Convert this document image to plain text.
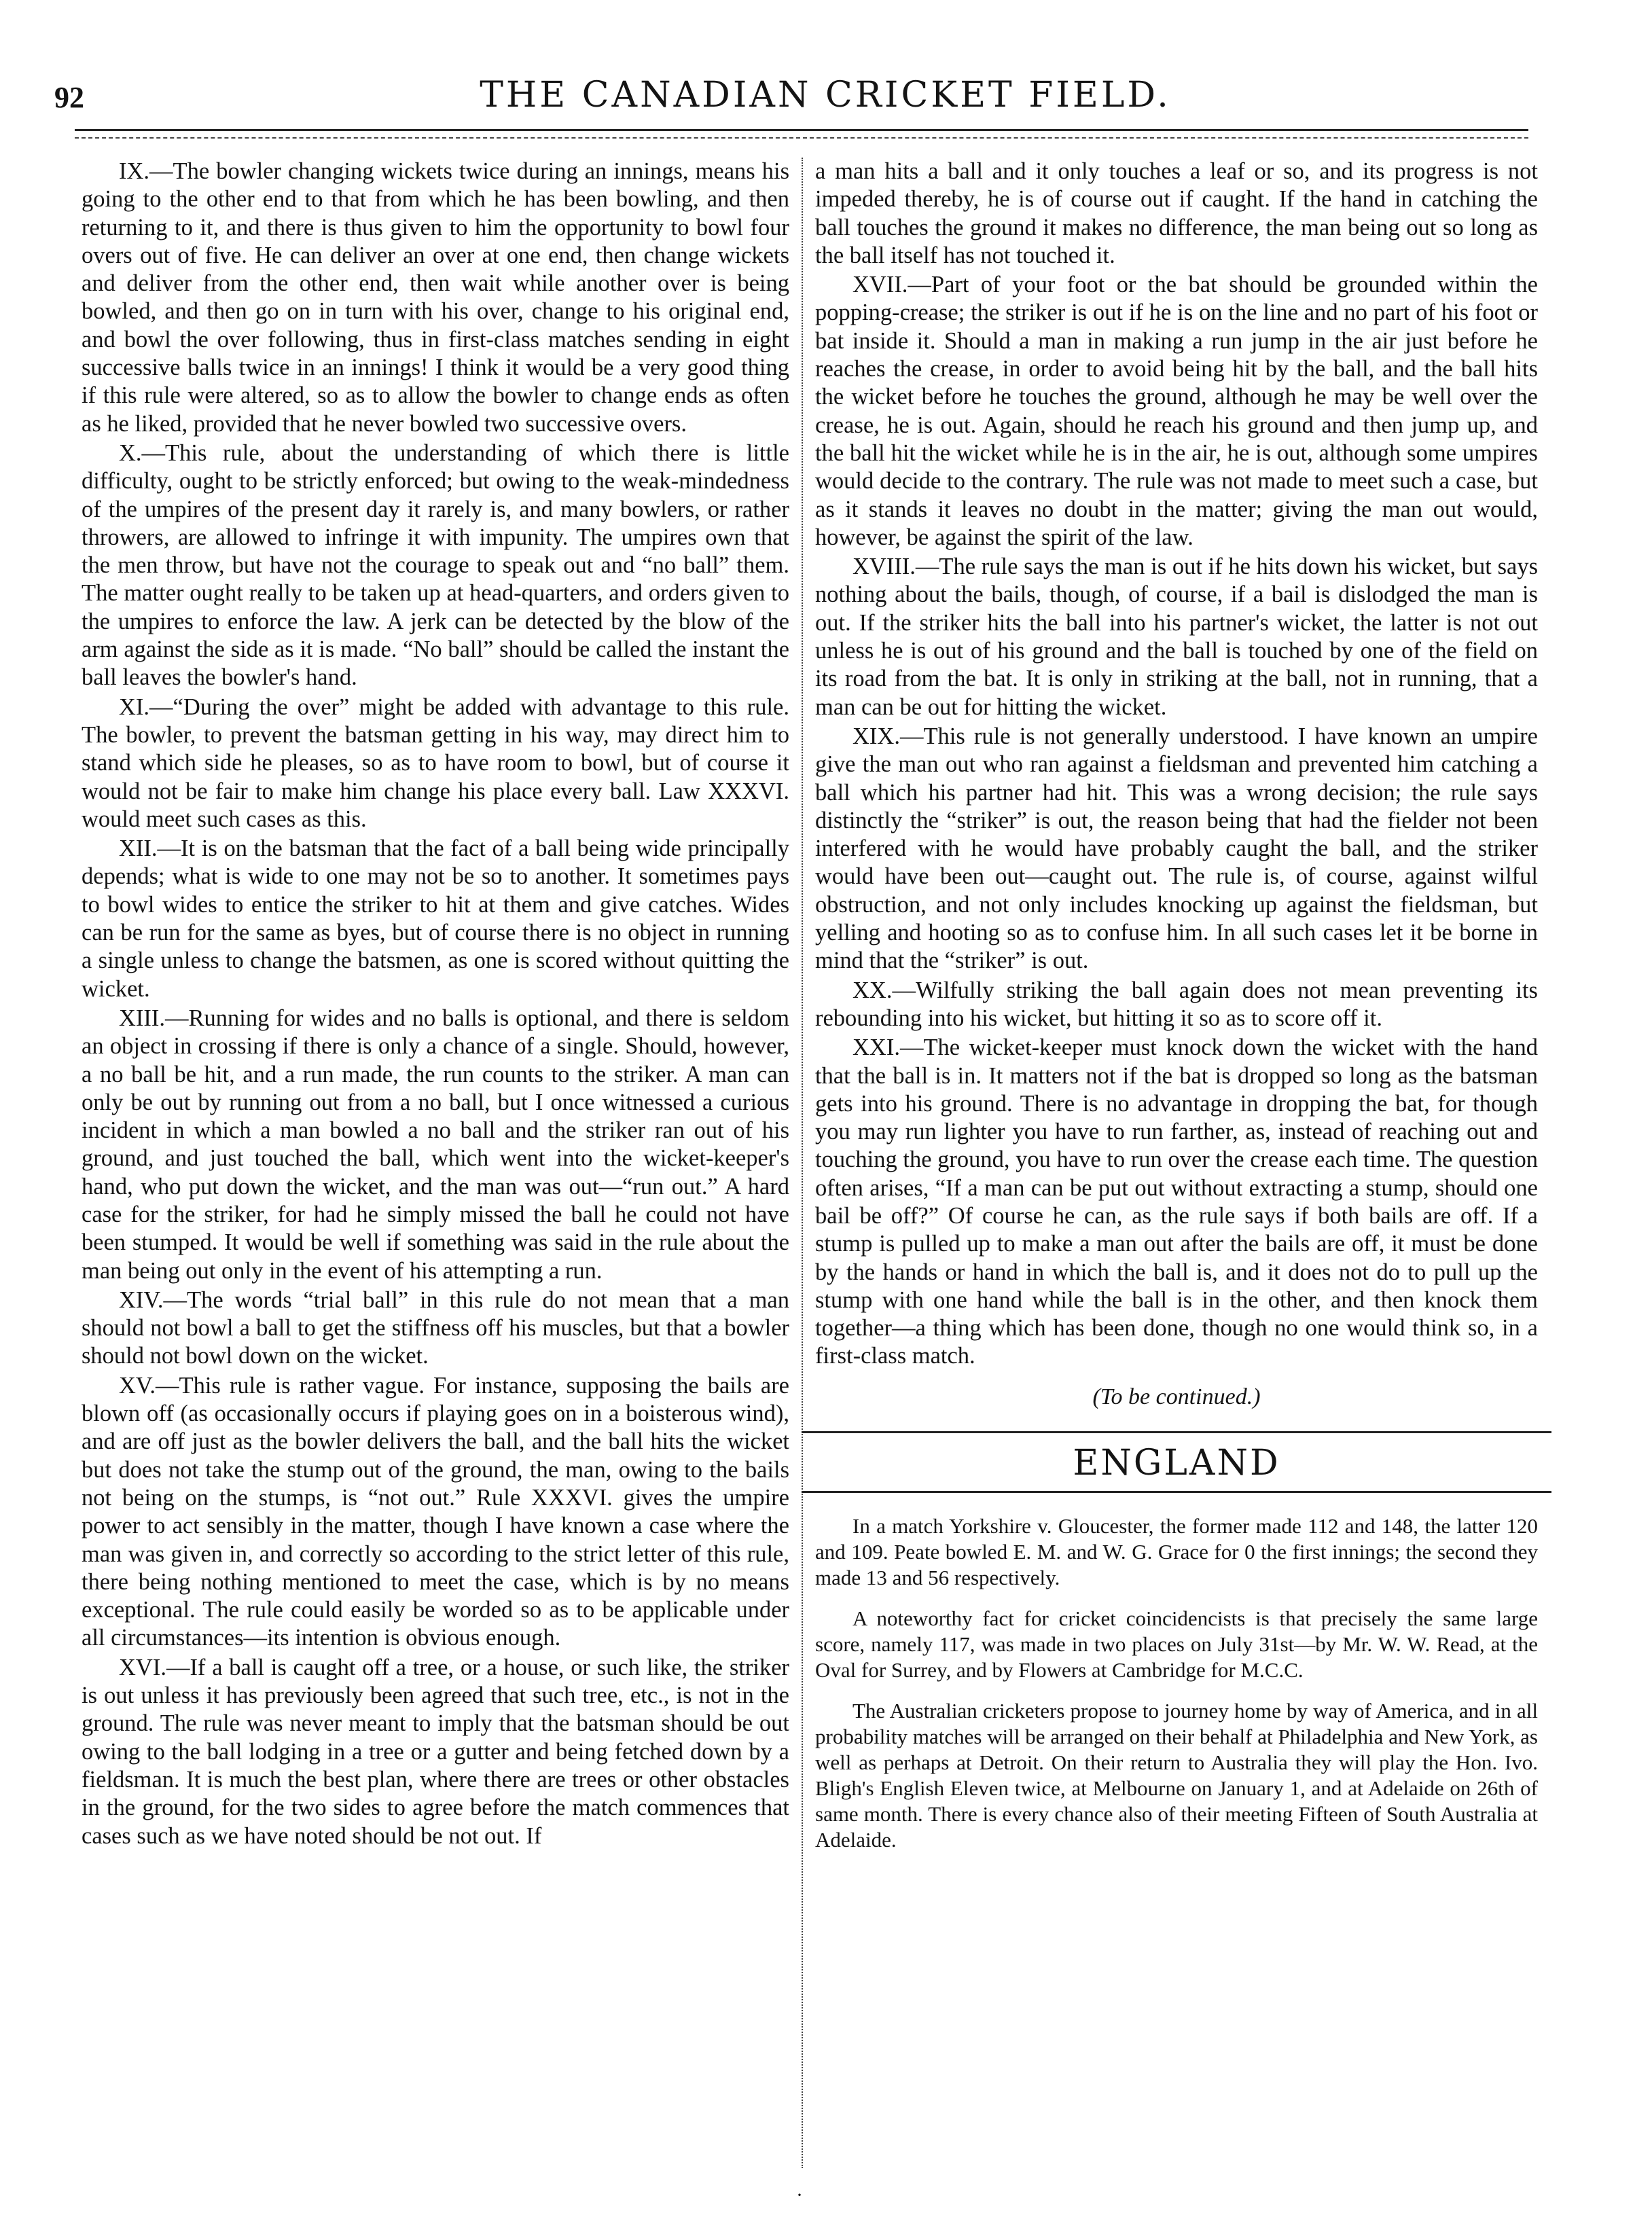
92	THE CANADIAN CRICKET FIELD.

IX.—The bowler changing wickets twice during an innings, means his going to the other end to that from which he has been bowling, and then returning to it, and there is thus given to him the opportunity to bowl four overs out of five. He can deliver an over at one end, then change wickets and deliver from the other end, then wait while another over is being bowled, and then go on in turn with his over, change to his original end, and bowl the over following, thus in first-class matches sending in eight successive balls twice in an innings! I think it would be a very good thing if this rule were altered, so as to allow the bowler to change ends as often as he liked, provided that he never bowled two successive overs.

X.—This rule, about the understanding of which there is little difficulty, ought to be strictly enforced; but owing to the weak-mindedness of the umpires of the present day it rarely is, and many bowlers, or rather throwers, are allowed to infringe it with impunity. The umpires own that the men throw, but have not the courage to speak out and “no ball” them. The matter ought really to be taken up at head-quarters, and orders given to the umpires to enforce the law. A jerk can be detected by the blow of the arm against the side as it is made. “No ball” should be called the instant the ball leaves the bowler's hand.

XI.—“During the over” might be added with advantage to this rule. The bowler, to prevent the batsman getting in his way, may direct him to stand which side he pleases, so as to have room to bowl, but of course it would not be fair to make him change his place every ball. Law XXXVI. would meet such cases as this.

XII.—It is on the batsman that the fact of a ball being wide principally depends; what is wide to one may not be so to another. It sometimes pays to bowl wides to entice the striker to hit at them and give catches. Wides can be run for the same as byes, but of course there is no object in running a single unless to change the batsmen, as one is scored without quitting the wicket.

XIII.—Running for wides and no balls is optional, and there is seldom an object in crossing if there is only a chance of a single. Should, however, a no ball be hit, and a run made, the run counts to the striker. A man can only be out by running out from a no ball, but I once witnessed a curious incident in which a man bowled a no ball and the striker ran out of his ground, and just touched the ball, which went into the wicket-keeper's hand, who put down the wicket, and the man was out—“run out.” A hard case for the striker, for had he simply missed the ball he could not have been stumped. It would be well if something was said in the rule about the man being out only in the event of his attempting a run.

XIV.—The words “trial ball” in this rule do not mean that a man should not bowl a ball to get the stiffness off his muscles, but that a bowler should not bowl down on the wicket.

XV.—This rule is rather vague. For instance, supposing the bails are blown off (as occasionally occurs if playing goes on in a boisterous wind), and are off just as the bowler delivers the ball, and the ball hits the wicket but does not take the stump out of the ground, the man, owing to the bails not being on the stumps, is “not out.” Rule XXXVI. gives the umpire power to act sensibly in the matter, though I have known a case where the man was given in, and correctly so according to the strict letter of this rule, there being nothing mentioned to meet the case, which is by no means exceptional. The rule could easily be worded so as to be applicable under all circumstances—its intention is obvious enough.

XVI.—If a ball is caught off a tree, or a house, or such like, the striker is out unless it has previously been agreed that such tree, etc., is not in the ground. The rule was never meant to imply that the batsman should be out owing to the ball lodging in a tree or a gutter and being fetched down by a fieldsman. It is much the best plan, where there are trees or other obstacles in the ground, for the two sides to agree before the match commences that cases such as we have noted should be not out. If

a man hits a ball and it only touches a leaf or so, and its progress is not impeded thereby, he is of course out if caught. If the hand in catching the ball touches the ground it makes no difference, the man being out so long as the ball itself has not touched it.

XVII.—Part of your foot or the bat should be grounded within the popping-crease; the striker is out if he is on the line and no part of his foot or bat inside it. Should a man in making a run jump in the air just before he reaches the crease, in order to avoid being hit by the ball, and the ball hits the wicket before he touches the ground, although he may be well over the crease, he is out. Again, should he reach his ground and then jump up, and the ball hit the wicket while he is in the air, he is out, although some umpires would decide to the contrary. The rule was not made to meet such a case, but as it stands it leaves no doubt in the matter; giving the man out would, however, be against the spirit of the law.

XVIII.—The rule says the man is out if he hits down his wicket, but says nothing about the bails, though, of course, if a bail is dislodged the man is out. If the striker hits the ball into his partner's wicket, the latter is not out unless he is out of his ground and the ball is touched by one of the field on its road from the bat. It is only in striking at the ball, not in running, that a man can be out for hitting the wicket.

XIX.—This rule is not generally understood. I have known an umpire give the man out who ran against a fieldsman and prevented him catching a ball which his partner had hit. This was a wrong decision; the rule says distinctly the “striker” is out, the reason being that had the fielder not been interfered with he would have probably caught the ball, and the striker would have been out—caught out. The rule is, of course, against wilful obstruction, and not only includes knocking up against the fieldsman, but yelling and hooting so as to confuse him. In all such cases let it be borne in mind that the “striker” is out.

XX.—Wilfully striking the ball again does not mean preventing its rebounding into his wicket, but hitting it so as to score off it.

XXI.—The wicket-keeper must knock down the wicket with the hand that the ball is in. It matters not if the bat is dropped so long as the batsman gets into his ground. There is no advantage in dropping the bat, for though you may run lighter you have to run farther, as, instead of reaching out and touching the ground, you have to run over the crease each time. The question often arises, “If a man can be put out without extracting a stump, should one bail be off?” Of course he can, as the rule says if both bails are off. If a stump is pulled up to make a man out after the bails are off, it must be done by the hands or hand in which the ball is, and it does not do to pull up the stump with one hand while the ball is in the other, and then knock them together—a thing which has been done, though no one would think so, in a first-class match.

(To be continued.)
ENGLAND

In a match Yorkshire v. Gloucester, the former made 112 and 148, the latter 120 and 109. Peate bowled E. M. and W. G. Grace for 0 the first innings; the second they made 13 and 56 respectively.

A noteworthy fact for cricket coincidencists is that precisely the same large score, namely 117, was made in two places on July 31st—by Mr. W. W. Read, at the Oval for Surrey, and by Flowers at Cambridge for M.C.C.

The Australian cricketers propose to journey home by way of America, and in all probability matches will be arranged on their behalf at Philadelphia and New York, as well as perhaps at Detroit. On their return to Australia they will play the Hon. Ivo. Bligh's English Eleven twice, at Melbourne on January 1, and at Adelaide on 26th of same month. There is every chance also of their meeting Fifteen of South Australia at Adelaide.

·
